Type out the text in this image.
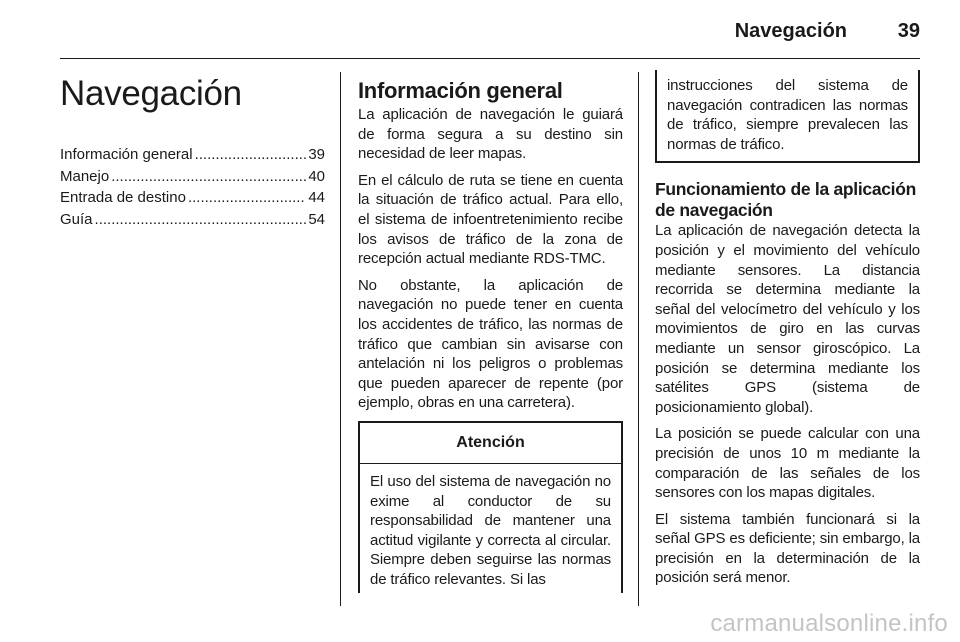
Navegación	39
Navegación
Información general .....	39
Manejo .....	40
Entrada de destino .....	44
Guía .....	54
Información general

La aplicación de navegación le guiará de forma segura a su destino sin necesidad de leer mapas.

En el cálculo de ruta se tiene en cuenta la situación de tráfico actual. Para ello, el sistema de infoentretenimiento recibe los avisos de tráfico de la zona de recepción actual mediante RDS-TMC.

No obstante, la aplicación de navegación no puede tener en cuenta los accidentes de tráfico, las normas de tráfico que cambian sin avisarse con antelación ni los peligros o problemas que pueden aparecer de repente (por ejemplo, obras en una carretera).

Atención

El uso del sistema de navegación no exime al conductor de su responsabilidad de mantener una actitud vigilante y correcta al circular. Siempre deben seguirse las normas de tráfico relevantes. Si las

instrucciones del sistema de navegación contradicen las normas de tráfico, siempre prevalecen las normas de tráfico.

Funcionamiento de la aplicación de navegación

La aplicación de navegación detecta la posición y el movimiento del vehículo mediante sensores. La distancia recorrida se determina mediante la señal del velocímetro del vehículo y los movimientos de giro en las curvas mediante un sensor giroscópico. La posición se determina mediante los satélites GPS (sistema de posicionamiento global).

La posición se puede calcular con una precisión de unos 10 m mediante la comparación de las señales de los sensores con los mapas digitales.

El sistema también funcionará si la señal GPS es deficiente; sin embargo, la precisión en la determinación de la posición será menor.

carmanualsonline.info
